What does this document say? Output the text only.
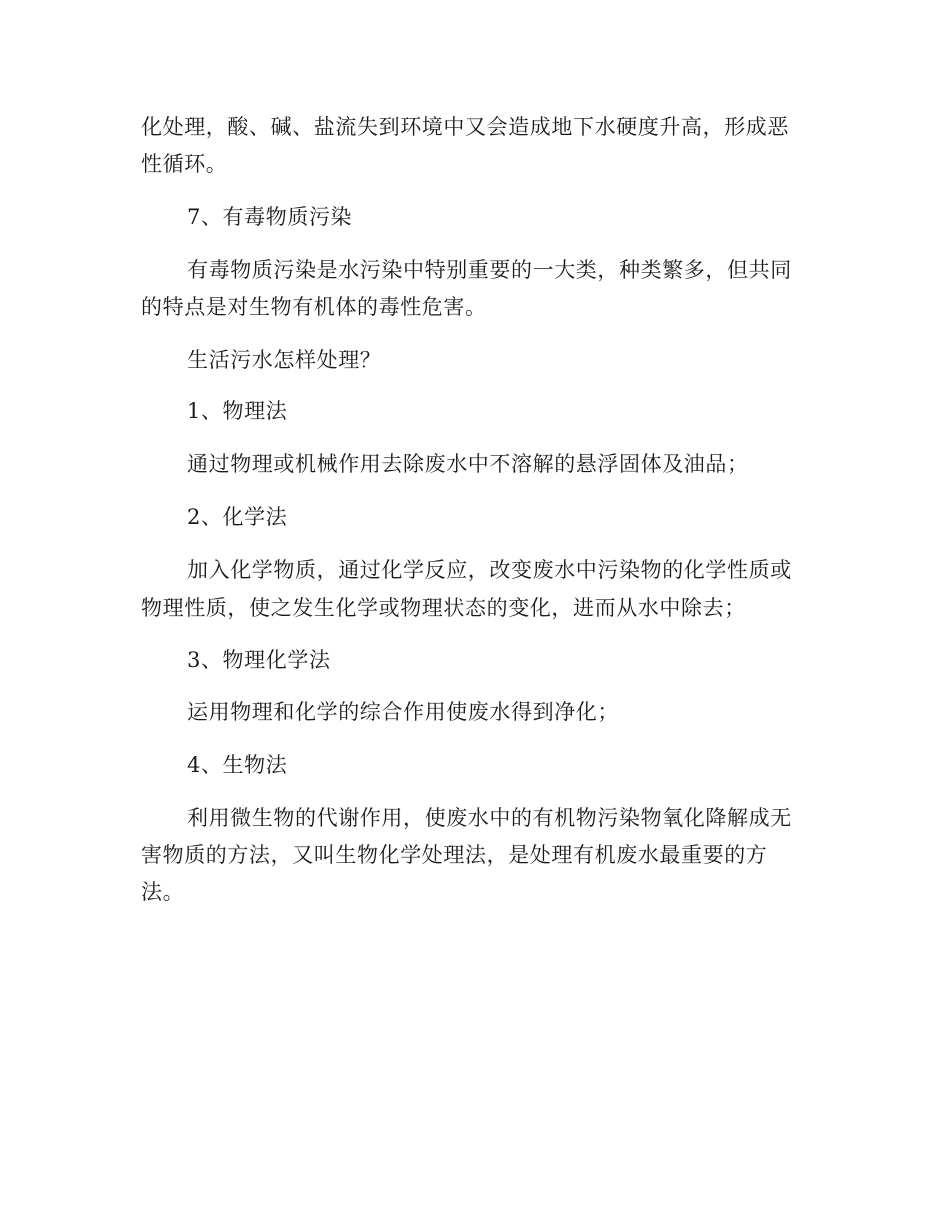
化处理，酸、碱、盐流失到环境中又会造成地下水硬度升高，形成恶
性循环。
7、有毒物质污染
有毒物质污染是水污染中特别重要的一大类，种类繁多，但共同
的特点是对生物有机体的毒性危害。
生活污水怎样处理？
1、物理法
通过物理或机械作用去除废水中不溶解的悬浮固体及油品；
2、化学法
加入化学物质，通过化学反应，改变废水中污染物的化学性质或
物理性质，使之发生化学或物理状态的变化，进而从水中除去；
3、物理化学法
运用物理和化学的综合作用使废水得到净化；
4、生物法
利用微生物的代谢作用，使废水中的有机物污染物氧化降解成无
害物质的方法，又叫生物化学处理法，是处理有机废水最重要的方
法。
